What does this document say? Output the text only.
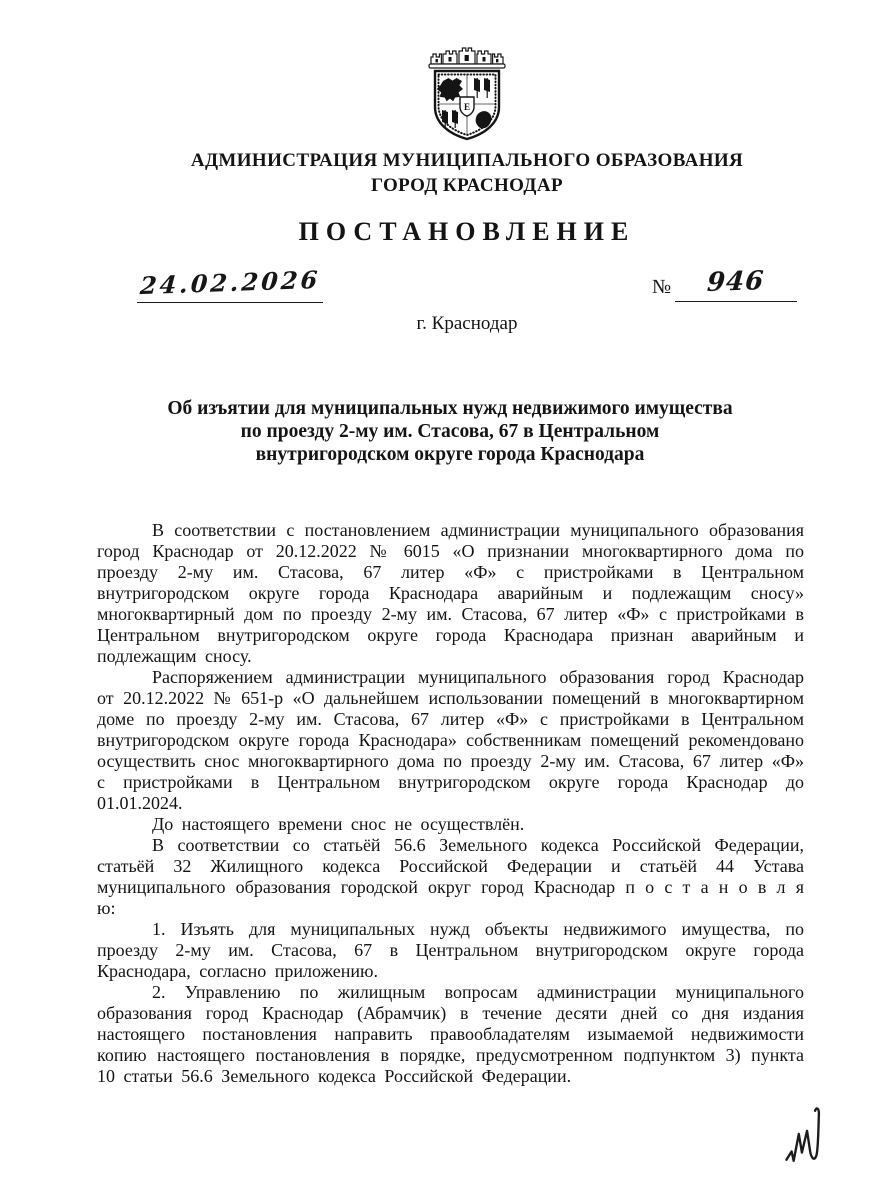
Е
АДМИНИСТРАЦИЯ МУНИЦИПАЛЬНОГО ОБРАЗОВАНИЯ
ГОРОД КРАСНОДАР
ПОСТАНОВЛЕНИЕ
24.02.2026	№	946
г. Краснодар
Об изъятии для муниципальных нужд недвижимого имущества
по проезду 2-му им. Стасова, 67 в Центральном
внутригородском округе города Краснодара

В соответствии с постановлением администрации муниципального образования город Краснодар от 20.12.2022 № 6015 «О признании многоквартирного дома по проезду 2-му им. Стасова, 67 литер «Ф» с пристройками в Центральном внутригородском округе города Краснодара аварийным и подлежащим сносу» многоквартирный дом по проезду 2-му им. Стасова, 67 литер «Ф» с пристройками в Центральном внутригородском округе города Краснодара признан аварийным и подлежащим сносу.

Распоряжением администрации муниципального образования город Краснодар от 20.12.2022 № 651-р «О дальнейшем использовании помещений в многоквартирном доме по проезду 2-му им. Стасова, 67 литер «Ф» с пристройками в Центральном внутригородском округе города Краснодара» собственникам помещений рекомендовано осуществить снос многоквартирного дома по проезду 2-му им. Стасова, 67 литер «Ф» с пристройками в Центральном внутригородском округе города Краснодар до 01.01.2024.

До настоящего времени снос не осуществлён.

В соответствии со статьёй 56.6 Земельного кодекса Российской Федерации, статьёй 32 Жилищного кодекса Российской Федерации и статьёй 44 Устава муниципального образования городской округ город Краснодар п о с т а н о в л я ю:

1. Изъять для муниципальных нужд объекты недвижимого имущества, по проезду 2-му им. Стасова, 67 в Центральном внутригородском округе города Краснодара, согласно приложению.

2. Управлению по жилищным вопросам администрации муниципального образования город Краснодар (Абрамчик) в течение десяти дней со дня издания настоящего постановления направить правообладателям изымаемой недвижимости копию настоящего постановления в порядке, предусмотренном подпунктом 3) пункта 10 статьи 56.6 Земельного кодекса Российской Федерации.
